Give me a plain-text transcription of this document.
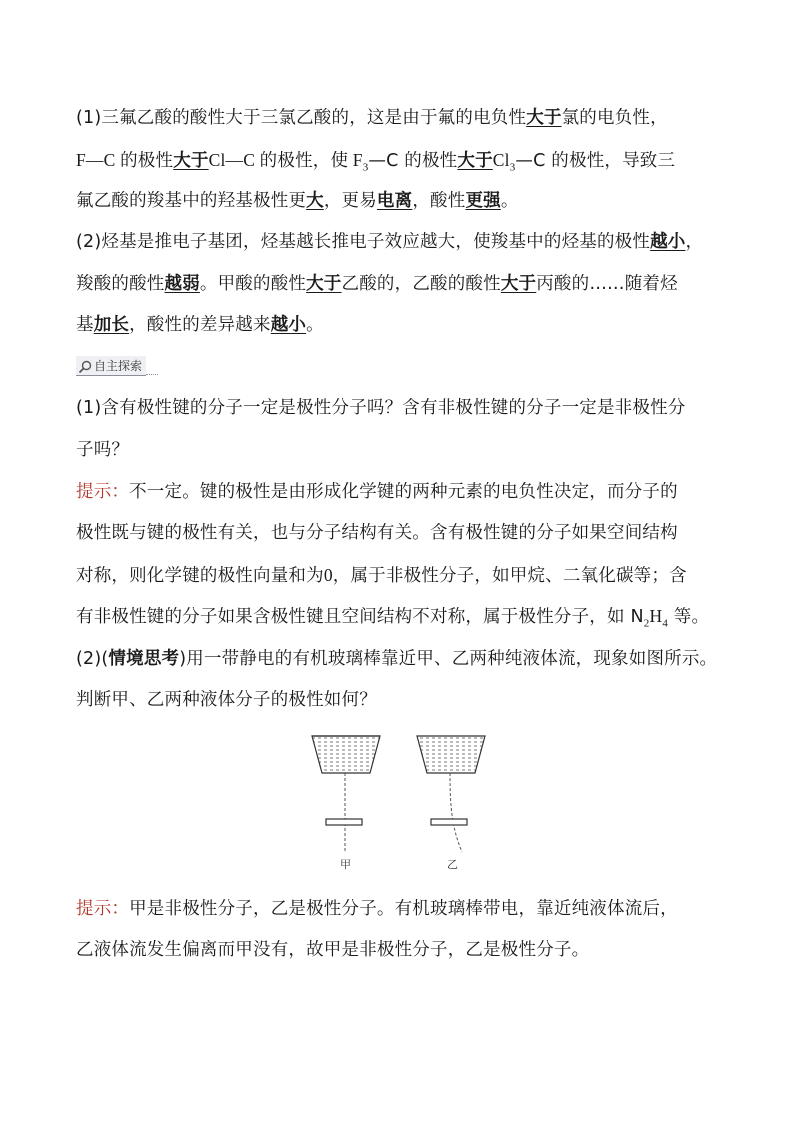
(1)三氟乙酸的酸性大于三氯乙酸的，这是由于氟的电负性大于氯的电负性，
F—C 的极性大于Cl—C 的极性，使 $F_3—C$ 的极性大于$Cl_3—C$ 的极性，导致三
氟乙酸的羧基中的羟基极性更大，更易电离，酸性更强。
(2)烃基是推电子基团，烃基越长推电子效应越大，使羧基中的烃基的极性越小，
羧酸的酸性越弱。甲酸的酸性大于乙酸的，乙酸的酸性大于丙酸的……随着烃
基加长，酸性的差异越来越小。
自主探索
(1)含有极性键的分子一定是极性分子吗？含有非极性键的分子一定是非极性分
子吗？
提示：不一定。键的极性是由形成化学键的两种元素的电负性决定，而分子的
极性既与键的极性有关，也与分子结构有关。含有极性键的分子如果空间结构
对称，则化学键的极性向量和为0，属于非极性分子，如甲烷、二氧化碳等；含
有非极性键的分子如果含极性键且空间结构不对称，属于极性分子，如 $N_2H_4$ 等。
(2)(情境思考)用一带静电的有机玻璃棒靠近甲、乙两种纯液体流，现象如图所示。
判断甲、乙两种液体分子的极性如何？
甲	乙
提示：甲是非极性分子，乙是极性分子。有机玻璃棒带电，靠近纯液体流后，
乙液体流发生偏离而甲没有，故甲是非极性分子，乙是极性分子。
